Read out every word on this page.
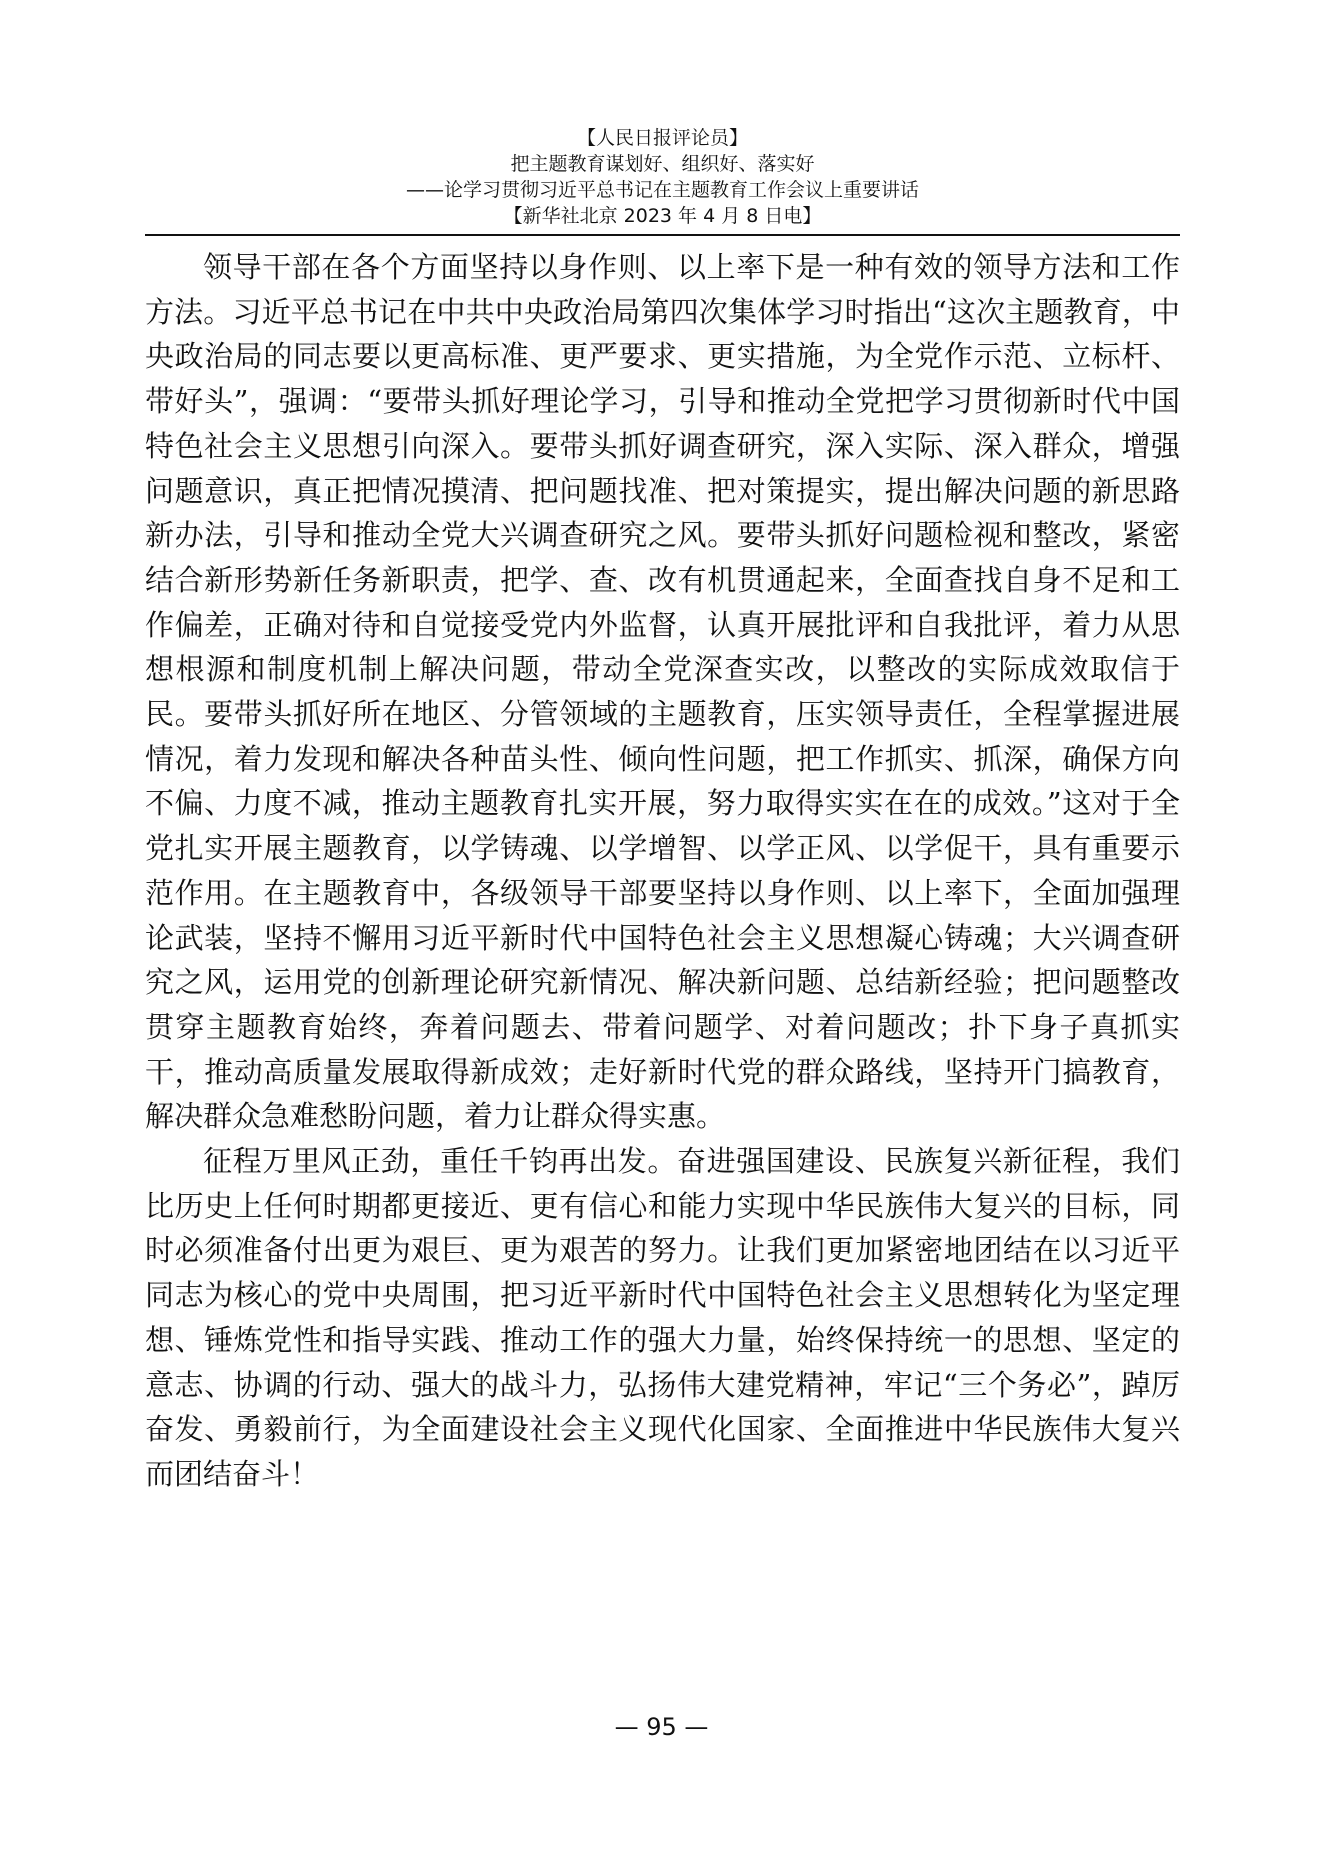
【人民日报评论员】
把主题教育谋划好、组织好、落实好
——论学习贯彻习近平总书记在主题教育工作会议上重要讲话
【新华社北京 2023 年 4 月 8 日电】

领导干部在各个方面坚持以身作则、以上率下是一种有效的领导方法和工作方法。习近平总书记在中共中央政治局第四次集体学习时指出“这次主题教育，中央政治局的同志要以更高标准、更严要求、更实措施，为全党作示范、立标杆、带好头”，强调：“要带头抓好理论学习，引导和推动全党把学习贯彻新时代中国特色社会主义思想引向深入。要带头抓好调查研究，深入实际、深入群众，增强问题意识，真正把情况摸清、把问题找准、把对策提实，提出解决问题的新思路新办法，引导和推动全党大兴调查研究之风。要带头抓好问题检视和整改，紧密结合新形势新任务新职责，把学、查、改有机贯通起来，全面查找自身不足和工作偏差，正确对待和自觉接受党内外监督，认真开展批评和自我批评，着力从思想根源和制度机制上解决问题，带动全党深查实改，以整改的实际成效取信于民。要带头抓好所在地区、分管领域的主题教育，压实领导责任，全程掌握进展情况，着力发现和解决各种苗头性、倾向性问题，把工作抓实、抓深，确保方向不偏、力度不减，推动主题教育扎实开展，努力取得实实在在的成效。”这对于全党扎实开展主题教育，以学铸魂、以学增智、以学正风、以学促干，具有重要示范作用。在主题教育中，各级领导干部要坚持以身作则、以上率下，全面加强理论武装，坚持不懈用习近平新时代中国特色社会主义思想凝心铸魂；大兴调查研究之风，运用党的创新理论研究新情况、解决新问题、总结新经验；把问题整改贯穿主题教育始终，奔着问题去、带着问题学、对着问题改；扑下身子真抓实干，推动高质量发展取得新成效；走好新时代党的群众路线，坚持开门搞教育，解决群众急难愁盼问题，着力让群众得实惠。

征程万里风正劲，重任千钧再出发。奋进强国建设、民族复兴新征程，我们比历史上任何时期都更接近、更有信心和能力实现中华民族伟大复兴的目标，同时必须准备付出更为艰巨、更为艰苦的努力。让我们更加紧密地团结在以习近平同志为核心的党中央周围，把习近平新时代中国特色社会主义思想转化为坚定理想、锤炼党性和指导实践、推动工作的强大力量，始终保持统一的思想、坚定的意志、协调的行动、强大的战斗力，弘扬伟大建党精神，牢记“三个务必”，踔厉奋发、勇毅前行，为全面建设社会主义现代化国家、全面推进中华民族伟大复兴而团结奋斗！

— 95 —
